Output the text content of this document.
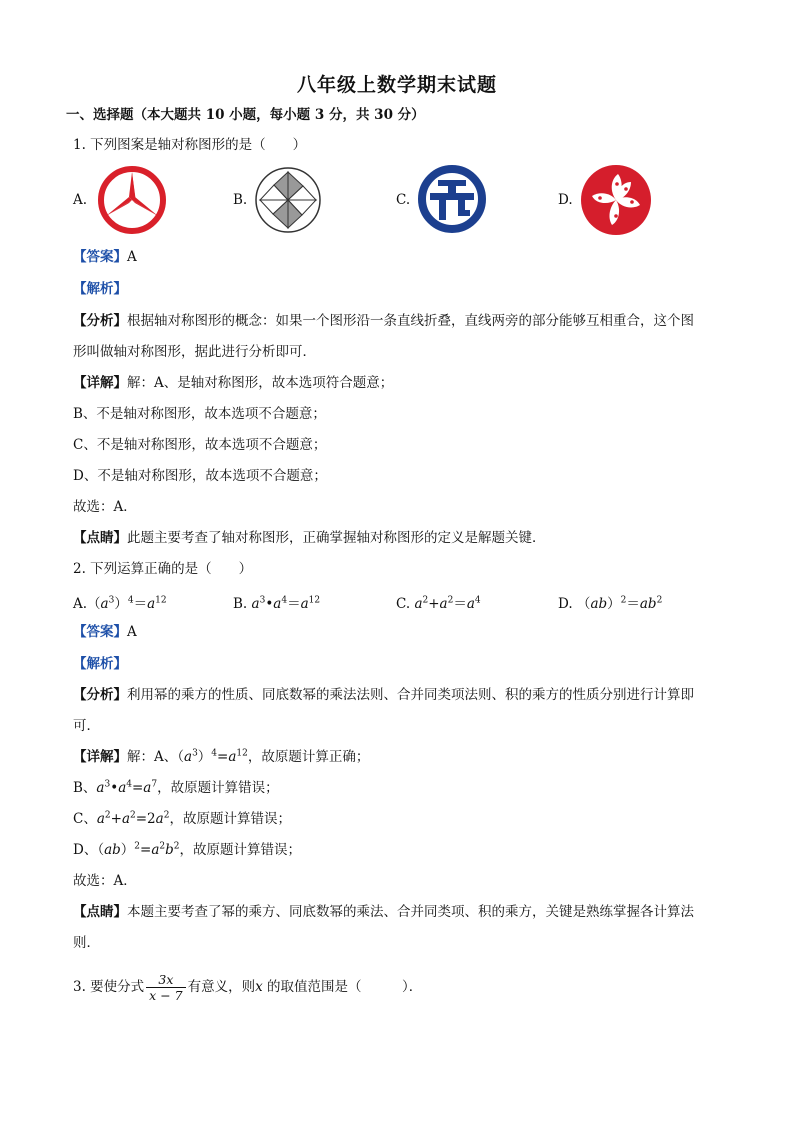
八年级上数学期末试题
一、选择题（本大题共 10 小题，每小题 3 分，共 30 分）
1. 下列图案是轴对称图形的是（　　）
A.	B.	C.	D.
【答案】A
【解析】
【分析】根据轴对称图形的概念：如果一个图形沿一条直线折叠，直线两旁的部分能够互相重合，这个图
形叫做轴对称图形，据此进行分析即可．
【详解】解：A、是轴对称图形，故本选项符合题意；
B、不是轴对称图形，故本选项不合题意；
C、不是轴对称图形，故本选项不合题意；
D、不是轴对称图形，故本选项不合题意；
故选：A．
【点睛】此题主要考查了轴对称图形，正确掌握轴对称图形的定义是解题关键．
2. 下列运算正确的是（　　）
$A.(a^3)^4=a^{12}$	B. $a^3•a^4=a^{12}$	C. $a^2+a^2=a^4$	D. $(ab)^2=ab^2$
【答案】A
【解析】
【分析】利用幂的乘方的性质、同底数幂的乘法法则、合并同类项法则、积的乘方的性质分别进行计算即
可．
【详解】解：A、$(a^3)^4=a^{12}$，故原题计算正确；
B、$a^3•a^4=a^7$，故原题计算错误；
C、$a^2+a^2=2a^2$，故原题计算错误；
D、$(ab)^2=a^2b^2$，故原题计算错误；
故选：A．
【点睛】本题主要考查了幂的乘方、同底数幂的乘法、合并同类项、积的乘方，关键是熟练掌握各计算法
则．
3. 要使分式 $\frac{3x}{x - 7}$ 有意义，则x 的取值范围是（　　　）．
